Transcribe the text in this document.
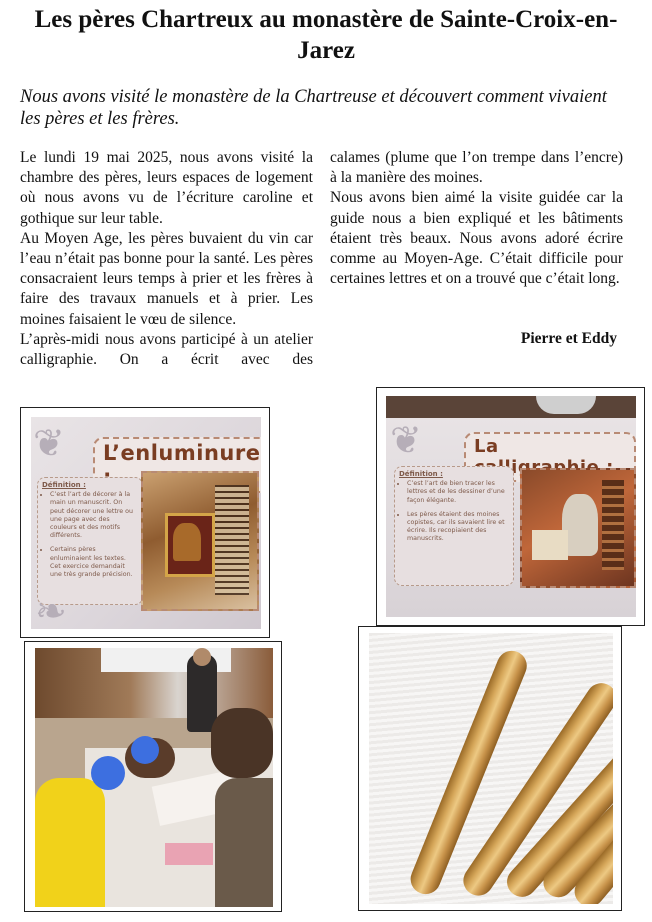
Les pères Chartreux au monastère de Sainte-Croix-en-Jarez

Nous avons visité le monastère de la Chartreuse et découvert comment vivaient les pères et les frères.

Le lundi 19 mai 2025, nous avons visité la chambre des pères, leurs espaces de logement où nous avons vu de l’écriture caroline et gothique sur leur table.

Au Moyen Age, les pères buvaient du vin car l’eau n’était pas bonne pour la santé. Les pères consacraient leurs temps à prier et les frères à faire des travaux manuels et à prier. Les moines faisaient le vœu de silence.

L’après-midi nous avons participé à un atelier calligraphie. On a écrit avec des

calames (plume que l’on trempe dans l’encre) à la manière des moines.

Nous avons bien aimé la visite guidée car la guide nous a bien expliqué et les bâtiments étaient très beaux. Nous avons adoré écrire comme au Moyen-Age. C’était difficile pour certaines lettres et on a trouvé que c’était long.

Pierre et Eddy
❦	L’enluminure
Définition :
• C’est l’art de décorer à la main un manuscrit. On peut décorer une lettre ou une page avec des couleurs et des motifs différents.
• Certains pères enluminaient les textes. Cet exercice demandait une très grande précision.
❧
❦	La
Définition :
• C’est l’art de bien tracer les lettres et de les dessiner d’une façon élégante.
• Les pères étaient des moines copistes, car ils savaient lire et écrire. Ils recopiaient des manuscrits.
